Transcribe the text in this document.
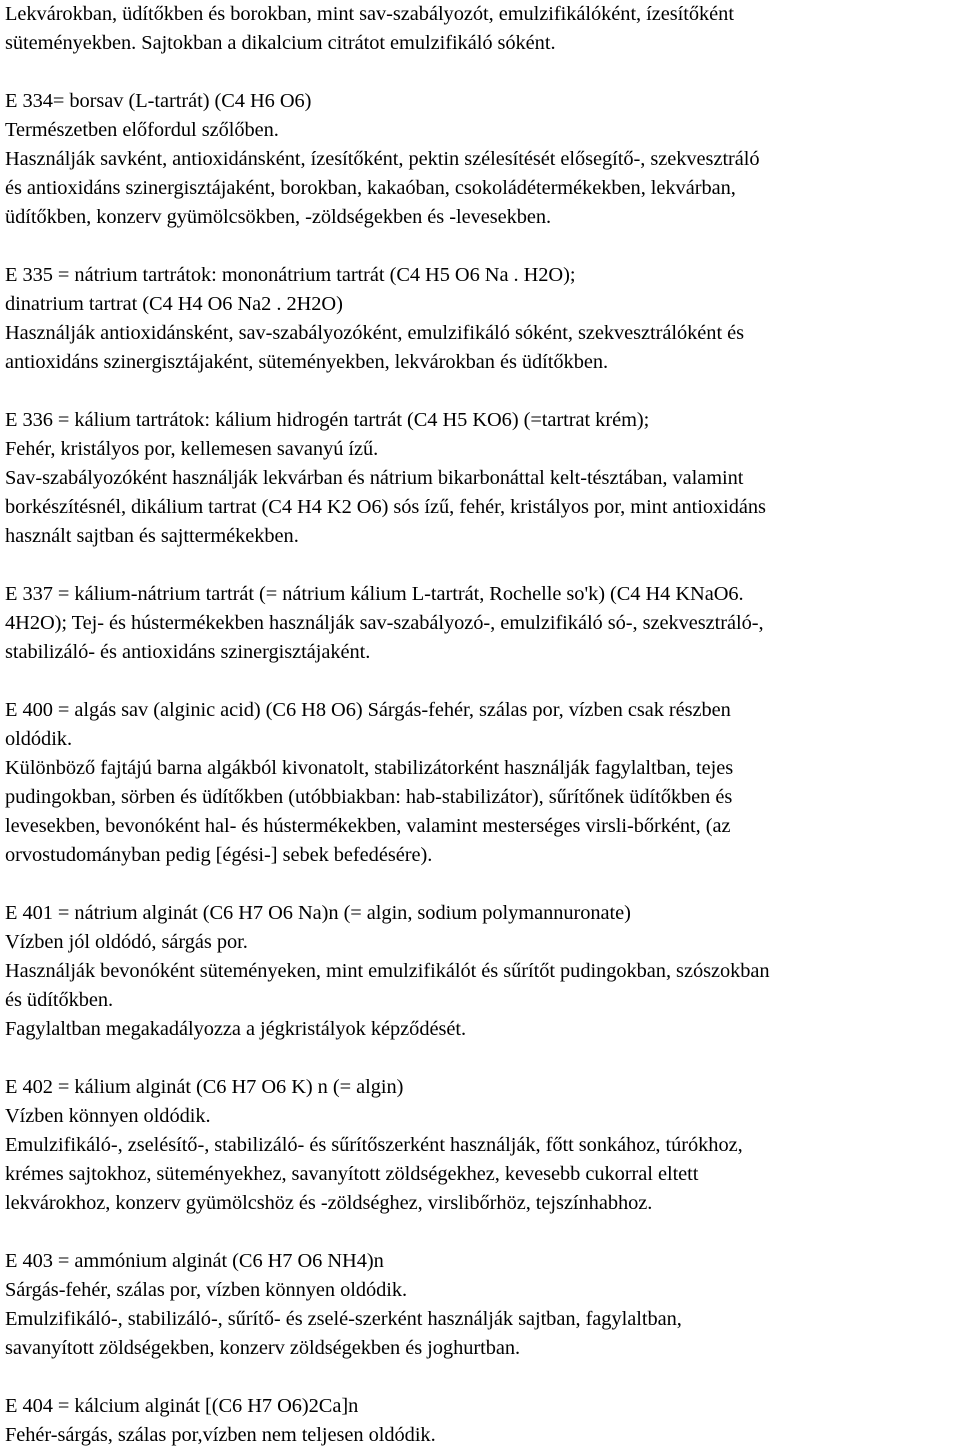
Lekvárokban, üdítőkben és borokban, mint sav-szabályozót, emulzifikálóként, ízesítőként
süteményekben. Sajtokban a dikalcium citrátot emulzifikáló sóként.
E 334= borsav (L-tartrát) (C4 H6 O6)
Természetben előfordul szőlőben.
Használják savként, antioxidánsként, ízesítőként, pektin szélesítését elősegítő-, szekvesztráló
és antioxidáns szinergisztájaként, borokban, kakaóban, csokoládétermékekben, lekvárban,
üdítőkben, konzerv gyümölcsökben, -zöldségekben és -levesekben.
E 335 = nátrium tartrátok: mononátrium tartrát (C4 H5 O6 Na . H2O);
dinatrium tartrat (C4 H4 O6 Na2 . 2H2O)
Használják antioxidánsként, sav-szabályozóként, emulzifikáló sóként, szekvesztrálóként és
antioxidáns szinergisztájaként, süteményekben, lekvárokban és üdítőkben.
E 336 = kálium tartrátok: kálium hidrogén tartrát (C4 H5 KO6) (=tartrat krém);
Fehér, kristályos por, kellemesen savanyú ízű.
Sav-szabályozóként használják lekvárban és nátrium bikarbonáttal kelt-tésztában, valamint
borkészítésnél, dikálium tartrat (C4 H4 K2 O6) sós ízű, fehér, kristályos por, mint antioxidáns
használt sajtban és sajttermékekben.
E 337 = kálium-nátrium tartrát (= nátrium kálium L-tartrát, Rochelle so'k) (C4 H4 KNaO6.
4H2O); Tej- és hústermékekben használják sav-szabályozó-, emulzifikáló só-, szekvesztráló-,
stabilizáló- és antioxidáns szinergisztájaként.
E 400 = algás sav (alginic acid) (C6 H8 O6) Sárgás-fehér, szálas por, vízben csak részben
oldódik.
Különböző fajtájú barna algákból kivonatolt, stabilizátorként használják fagylaltban, tejes
pudingokban, sörben és üdítőkben (utóbbiakban: hab-stabilizátor), sűrítőnek üdítőkben és
levesekben, bevonóként hal- és hústermékekben, valamint mesterséges virsli-bőrként, (az
orvostudományban pedig [égési-] sebek befedésére).
E 401 = nátrium alginát (C6 H7 O6 Na)n (= algin, sodium polymannuronate)
Vízben jól oldódó, sárgás por.
Használják bevonóként süteményeken, mint emulzifikálót és sűrítőt pudingokban, szószokban
és üdítőkben.
Fagylaltban megakadályozza a jégkristályok képződését.
E 402 = kálium alginát (C6 H7 O6 K) n (= algin)
Vízben könnyen oldódik.
Emulzifikáló-, zselésítő-, stabilizáló- és sűrítőszerként használják, főtt sonkához, túrókhoz,
krémes sajtokhoz, süteményekhez, savanyított zöldségekhez, kevesebb cukorral eltett
lekvárokhoz, konzerv gyümölcshöz és -zöldséghez, virslibőrhöz, tejszínhabhoz.
E 403 = ammónium alginát (C6 H7 O6 NH4)n
Sárgás-fehér, szálas por, vízben könnyen oldódik.
Emulzifikáló-, stabilizáló-, sűrítő- és zselé-szerként használják sajtban, fagylaltban,
savanyított zöldségekben, konzerv zöldségekben és joghurtban.
E 404 = kálcium alginát [(C6 H7 O6)2Ca]n
Fehér-sárgás, szálas por,vízben nem teljesen oldódik.
